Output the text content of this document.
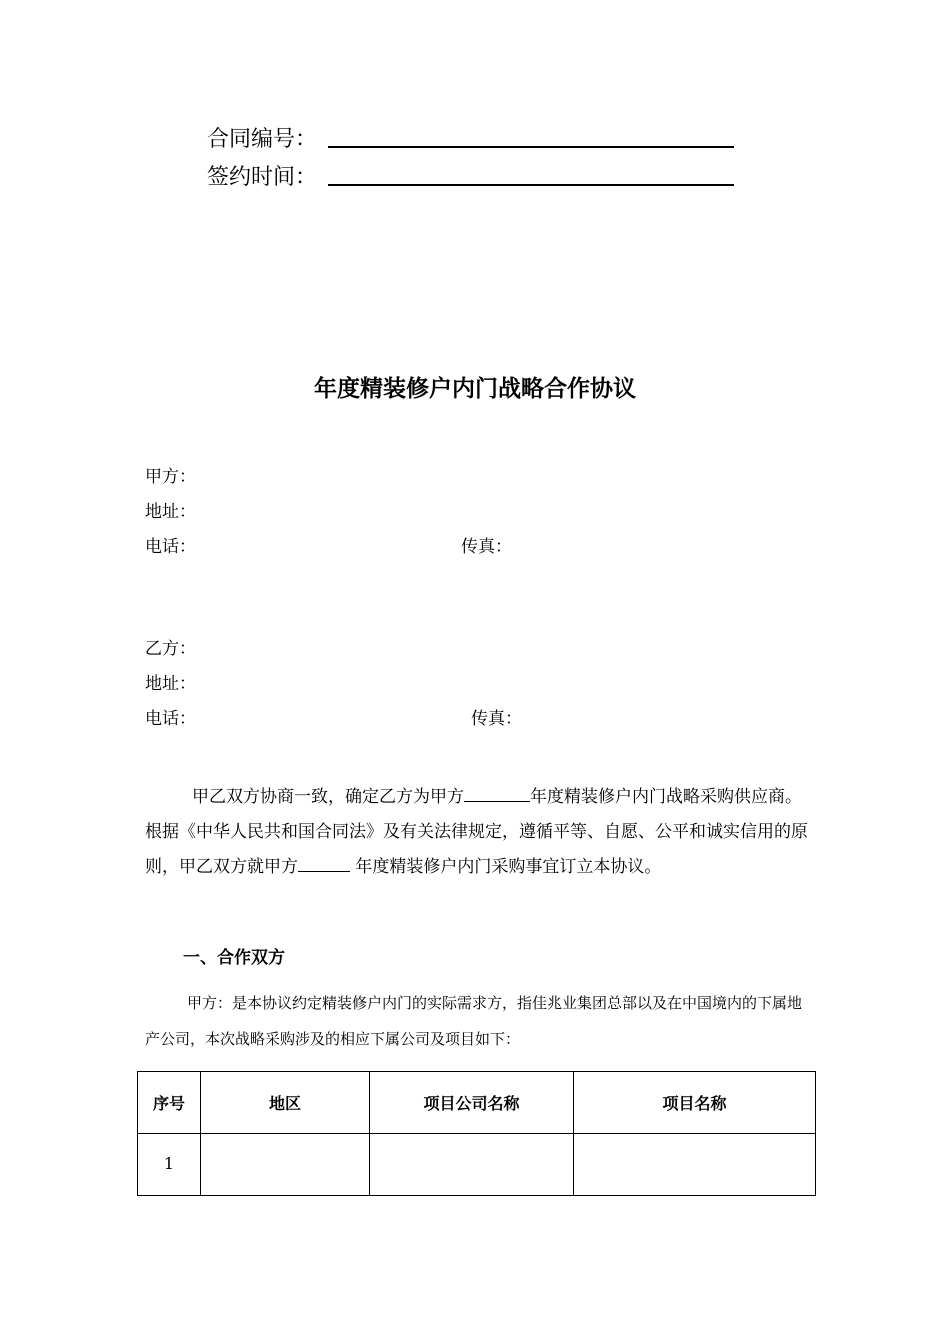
合同编号：
签约时间：
年度精装修户内门战略合作协议
甲方：
地址：
电话：	传真：
乙方：
地址：
电话：	传真：
甲乙双方协商一致，确定乙方为甲方	年度精装修户内门战略采购供应商。根据《中华人民共和国合同法》及有关法律规定，遵循平等、自愿、公平和诚实信用的原则，甲乙双方就甲方	年度精装修户内门采购事宜订立本协议。
一、合作双方
甲方：是本协议约定精装修户内门的实际需求方，指佳兆业集团总部以及在中国境内的下属地产公司，本次战略采购涉及的相应下属公司及项目如下：
序号	地区	项目公司名称	项目名称
1			
